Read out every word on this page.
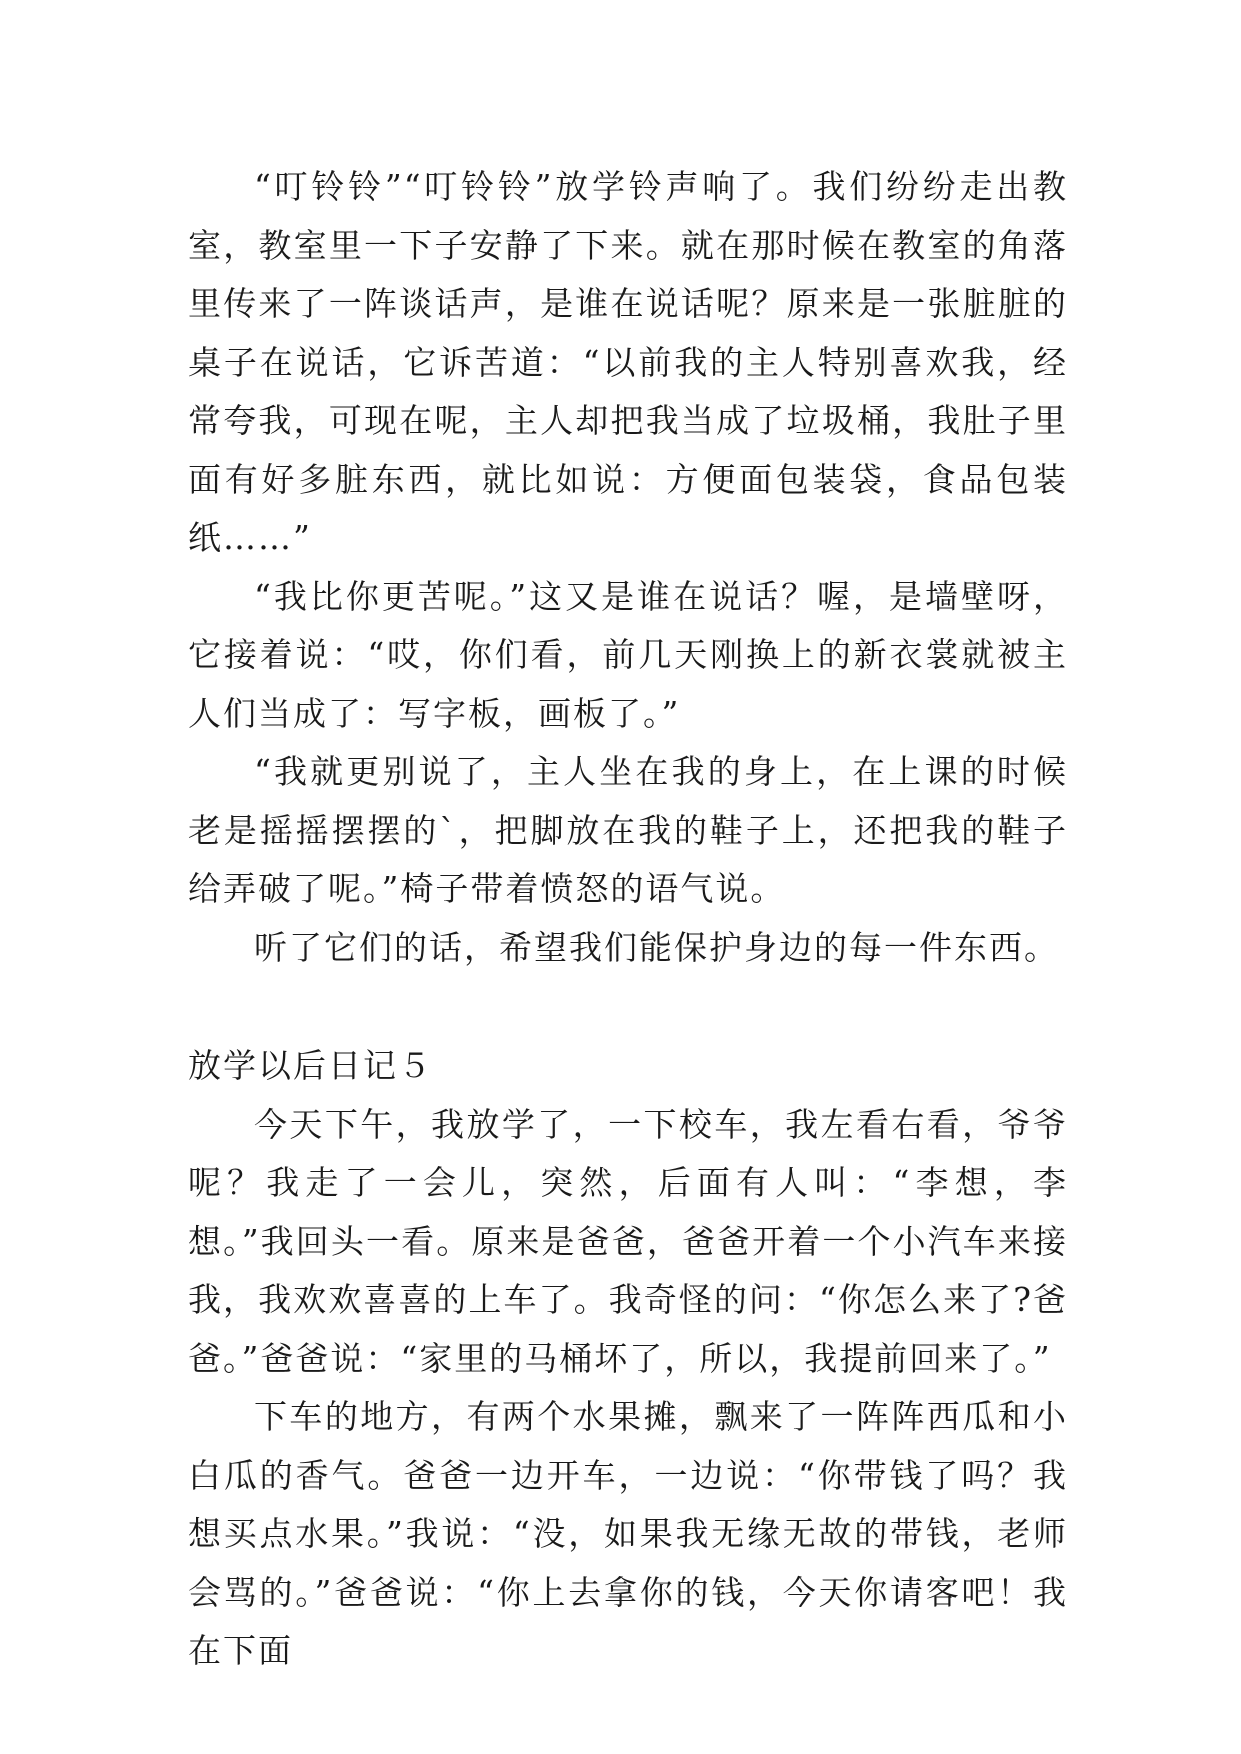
“叮铃铃”“叮铃铃”放学铃声响了。我们纷纷走出教室，教室里一下子安静了下来。就在那时候在教室的角落里传来了一阵谈话声，是谁在说话呢？原来是一张脏脏的桌子在说话，它诉苦道：“以前我的主人特别喜欢我，经常夸我，可现在呢，主人却把我当成了垃圾桶，我肚子里面有好多脏东西，就比如说：方便面包装袋，食品包装纸……”

“我比你更苦呢。”这又是谁在说话？喔，是墙壁呀，它接着说：“哎，你们看，前几天刚换上的新衣裳就被主人们当成了：写字板，画板了。”

“我就更别说了，主人坐在我的身上，在上课的时候老是摇摇摆摆的`，把脚放在我的鞋子上，还把我的鞋子给弄破了呢。”椅子带着愤怒的语气说。

听了它们的话，希望我们能保护身边的每一件东西。

放学以后日记５

今天下午，我放学了，一下校车，我左看右看，爷爷呢？我走了一会儿，突然，后面有人叫：“李想，李想。”我回头一看。原来是爸爸，爸爸开着一个小汽车来接我，我欢欢喜喜的上车了。我奇怪的问：“你怎么来了?爸爸。”爸爸说：“家里的马桶坏了，所以，我提前回来了。”

下车的地方，有两个水果摊，飘来了一阵阵西瓜和小白瓜的香气。爸爸一边开车，一边说：“你带钱了吗？我想买点水果。”我说：“没，如果我无缘无故的带钱，老师会骂的。”爸爸说：“你上去拿你的钱，今天你请客吧！我在下面
